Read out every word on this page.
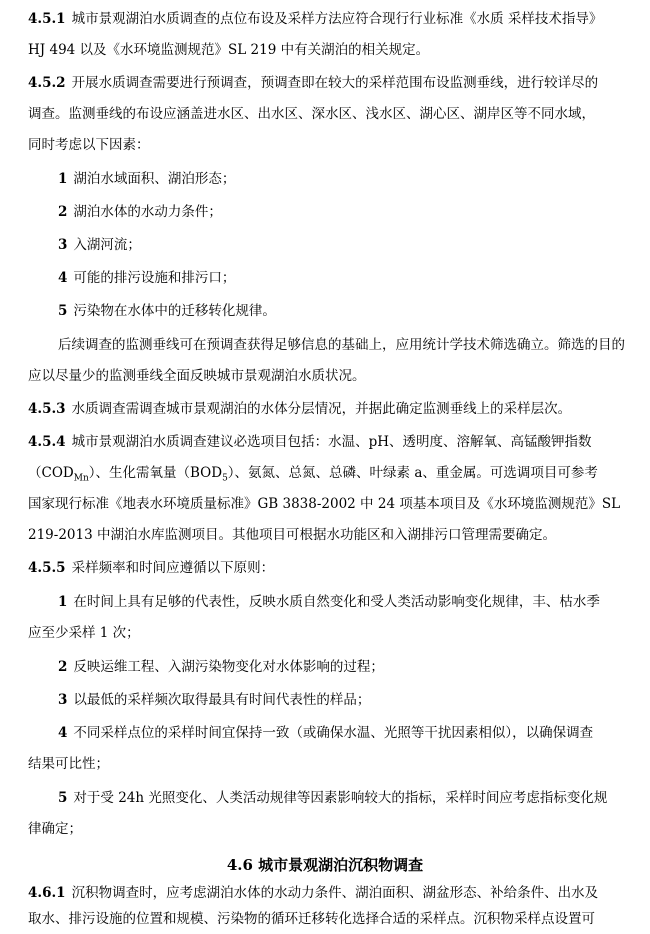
4.5.1 城市景观湖泊水质调查的点位布设及采样方法应符合现行行业标准《水质 采样技术指导》
HJ 494 以及《水环境监测规范》SL 219 中有关湖泊的相关规定。
4.5.2 开展水质调查需要进行预调查，预调查即在较大的采样范围布设监测垂线，进行较详尽的
调查。监测垂线的布设应涵盖进水区、出水区、深水区、浅水区、湖心区、湖岸区等不同水域，
同时考虑以下因素：
1 湖泊水域面积、湖泊形态；
2 湖泊水体的水动力条件；
3 入湖河流；
4 可能的排污设施和排污口；
5 污染物在水体中的迁移转化规律。
后续调查的监测垂线可在预调查获得足够信息的基础上，应用统计学技术筛选确立。筛选的目的
应以尽量少的监测垂线全面反映城市景观湖泊水质状况。
4.5.3 水质调查需调查城市景观湖泊的水体分层情况，并据此确定监测垂线上的采样层次。
4.5.4 城市景观湖泊水质调查建议必选项目包括：水温、pH、透明度、溶解氧、高锰酸钾指数
$(COD_{Mn})$、生化需氧量$(BOD_5)$、氨氮、总氮、总磷、叶绿素 a、重金属。可选调项目可参考
国家现行标准《地表水环境质量标准》GB 3838-2002 中 24 项基本项目及《水环境监测规范》SL
219-2013 中湖泊水库监测项目。其他项目可根据水功能区和入湖排污口管理需要确定。
4.5.5 采样频率和时间应遵循以下原则：
1 在时间上具有足够的代表性，反映水质自然变化和受人类活动影响变化规律，丰、枯水季
应至少采样 1 次；
2 反映运维工程、入湖污染物变化对水体影响的过程；
3 以最低的采样频次取得最具有时间代表性的样品；
4 不同采样点位的采样时间宜保持一致（或确保水温、光照等干扰因素相似），以确保调查
结果可比性；
5 对于受 24h 光照变化、人类活动规律等因素影响较大的指标，采样时间应考虑指标变化规
律确定；
4.6 城市景观湖泊沉积物调查
4.6.1 沉积物调查时，应考虑湖泊水体的水动力条件、湖泊面积、湖盆形态、补给条件、出水及
取水、排污设施的位置和规模、污染物的循环迁移转化选择合适的采样点。沉积物采样点设置可
